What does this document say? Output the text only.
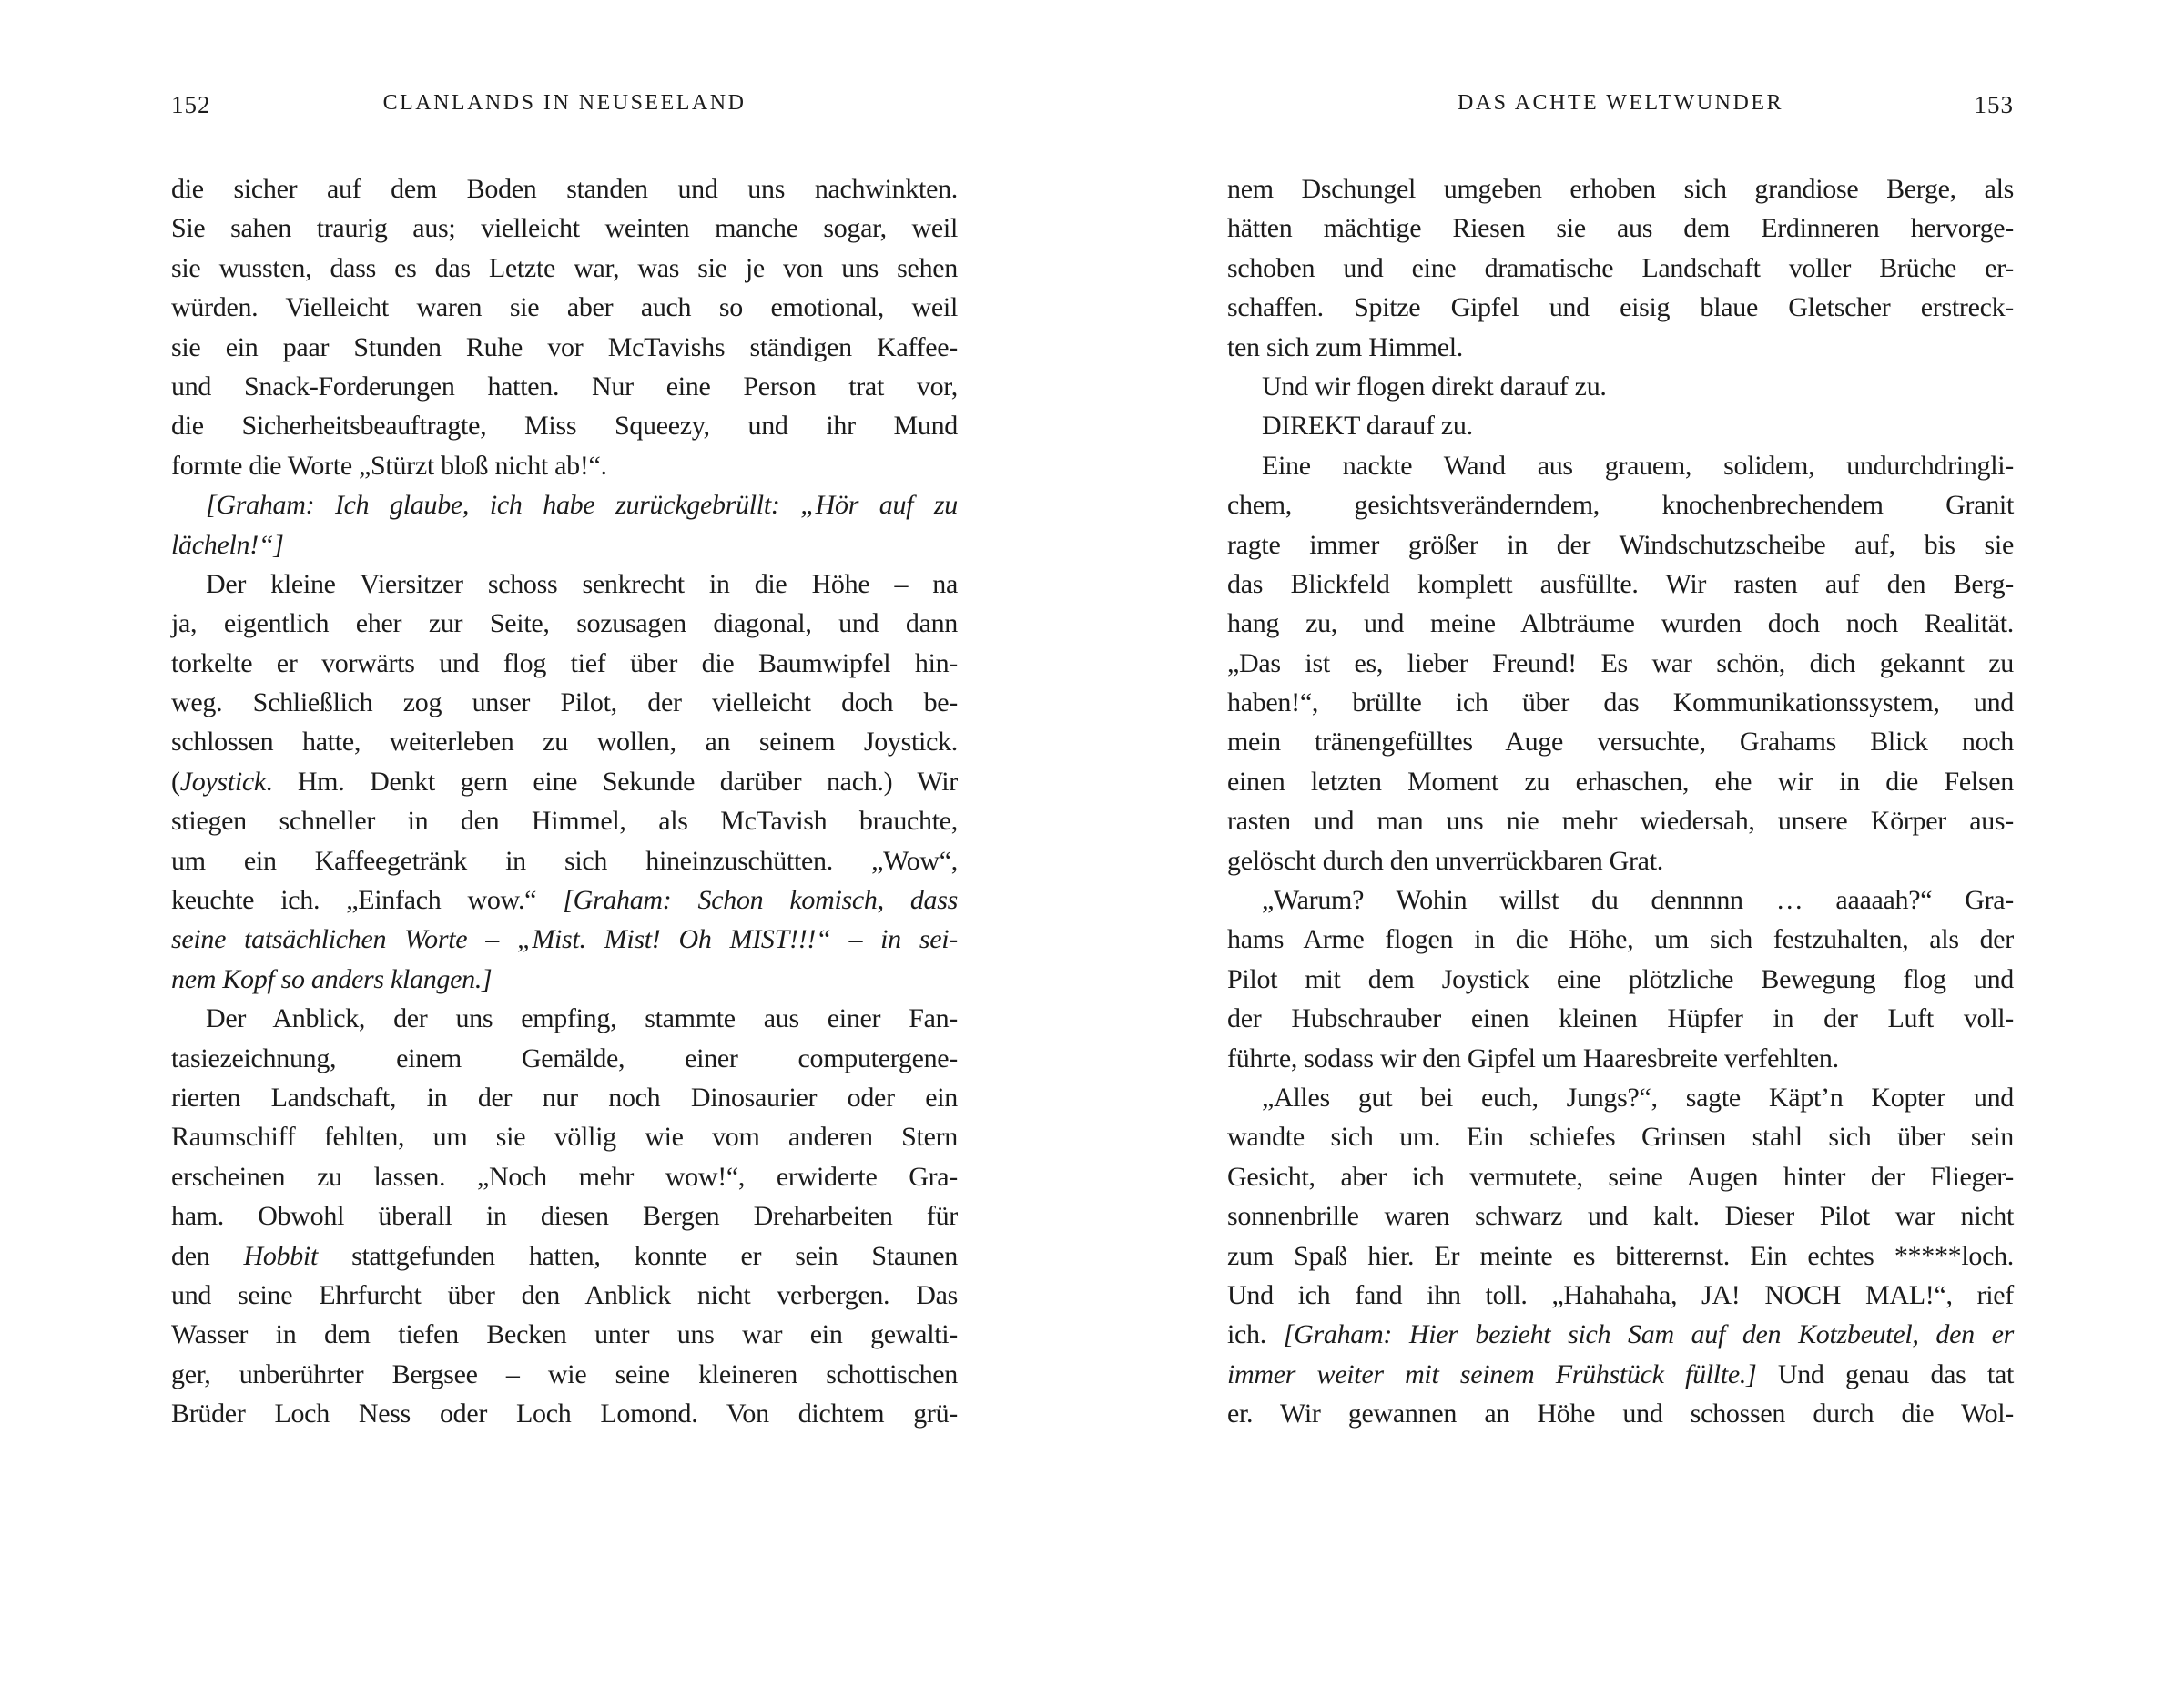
152	CLANLANDS IN NEUSEELAND
die sicher auf dem Boden standen und uns nachwinkten.
Sie sahen traurig aus; vielleicht weinten manche sogar, weil
sie wussten, dass es das Letzte war, was sie je von uns sehen
würden. Vielleicht waren sie aber auch so emotional, weil
sie ein paar Stunden Ruhe vor McTavishs ständigen Kaffee-
und Snack-Forderungen hatten. Nur eine Person trat vor,
die Sicherheitsbeauftragte, Miss Squeezy, und ihr Mund
formte die Worte „Stürzt bloß nicht ab!“.
[Graham: Ich glaube, ich habe zurückgebrüllt: „Hör auf zu
lächeln!“]
Der kleine Viersitzer schoss senkrecht in die Höhe – na
ja, eigentlich eher zur Seite, sozusagen diagonal, und dann
torkelte er vorwärts und flog tief über die Baumwipfel hin-
weg. Schließlich zog unser Pilot, der vielleicht doch be-
schlossen hatte, weiterleben zu wollen, an seinem Joystick.
(Joystick. Hm. Denkt gern eine Sekunde darüber nach.) Wir
stiegen schneller in den Himmel, als McTavish brauchte,
um ein Kaffeegetränk in sich hineinzuschütten. „Wow“,
keuchte ich. „Einfach wow.“ [Graham: Schon komisch, dass
seine tatsächlichen Worte – „Mist. Mist! Oh MIST!!!“ – in sei-
nem Kopf so anders klangen.]
Der Anblick, der uns empfing, stammte aus einer Fan-
tasiezeichnung, einem Gemälde, einer computergene-
rierten Landschaft, in der nur noch Dinosaurier oder ein
Raumschiff fehlten, um sie völlig wie vom anderen Stern
erscheinen zu lassen. „Noch mehr wow!“, erwiderte Gra-
ham. Obwohl überall in diesen Bergen Dreharbeiten für
den Hobbit stattgefunden hatten, konnte er sein Staunen
und seine Ehrfurcht über den Anblick nicht verbergen. Das
Wasser in dem tiefen Becken unter uns war ein gewalti-
ger, unberührter Bergsee – wie seine kleineren schottischen
Brüder Loch Ness oder Loch Lomond. Von dichtem grü-
DAS ACHTE WELTWUNDER	153
nem Dschungel umgeben erhoben sich grandiose Berge, als
hätten mächtige Riesen sie aus dem Erdinneren hervorge-
schoben und eine dramatische Landschaft voller Brüche er-
schaffen. Spitze Gipfel und eisig blaue Gletscher erstreck-
ten sich zum Himmel.
Und wir flogen direkt darauf zu.
DIREKT darauf zu.
Eine nackte Wand aus grauem, solidem, undurchdringli-
chem, gesichtsveränderndem, knochenbrechendem Granit
ragte immer größer in der Windschutzscheibe auf, bis sie
das Blickfeld komplett ausfüllte. Wir rasten auf den Berg-
hang zu, und meine Albträume wurden doch noch Realität.
„Das ist es, lieber Freund! Es war schön, dich gekannt zu
haben!“, brüllte ich über das Kommunikationssystem, und
mein tränengefülltes Auge versuchte, Grahams Blick noch
einen letzten Moment zu erhaschen, ehe wir in die Felsen
rasten und man uns nie mehr wiedersah, unsere Körper aus-
gelöscht durch den unverrückbaren Grat.
„Warum? Wohin willst du dennnnn … aaaaah?“ Gra-
hams Arme flogen in die Höhe, um sich festzuhalten, als der
Pilot mit dem Joystick eine plötzliche Bewegung flog und
der Hubschrauber einen kleinen Hüpfer in der Luft voll-
führte, sodass wir den Gipfel um Haaresbreite verfehlten.
„Alles gut bei euch, Jungs?“, sagte Käpt’n Kopter und
wandte sich um. Ein schiefes Grinsen stahl sich über sein
Gesicht, aber ich vermutete, seine Augen hinter der Flieger-
sonnenbrille waren schwarz und kalt. Dieser Pilot war nicht
zum Spaß hier. Er meinte es bitterernst. Ein echtes *****loch.
Und ich fand ihn toll. „Hahahaha, JA! NOCH MAL!“, rief
ich. [Graham: Hier bezieht sich Sam auf den Kotzbeutel, den er
immer weiter mit seinem Frühstück füllte.] Und genau das tat
er. Wir gewannen an Höhe und schossen durch die Wol-
